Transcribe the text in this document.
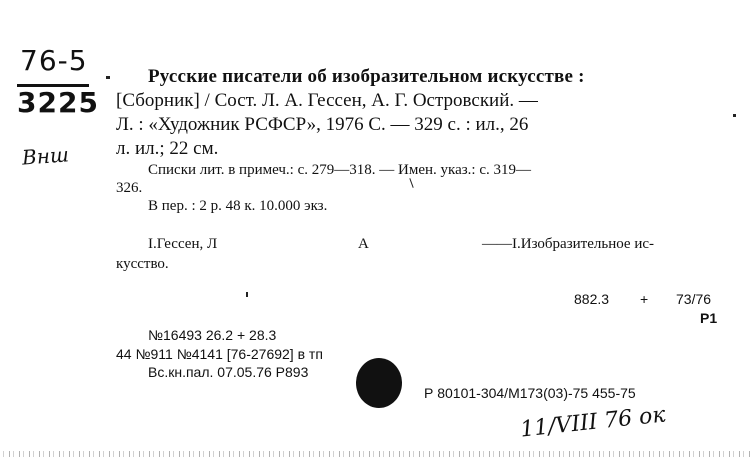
76-5
3225
Внш
Русские писатели об изобразительном искусстве :
[Сборник] / Сост. Л. А. Гессен, А. Г. Островский. —
Л. : «Художник РСФСР», 1976 С. — 329 с. : ил., 26
л. ил.; 22 см.
Списки лит. в примеч.: с. 279—318. — Имен. указ.: с. 319—
326.
В пер. : 2 р. 48 к. 10.000 экз.
I.Гессен, Л	А	——I.Изобразительное ис-
кусство.
882.3 + 73/76
Р1
№16493 26.2 + 28.3
44 №911 №4141 [76-27692] в тп
Вс.кн.пал. 07.05.76 Р893
Р 80101-304/М173(03)-75 455-75
11/VIII 76 ок
